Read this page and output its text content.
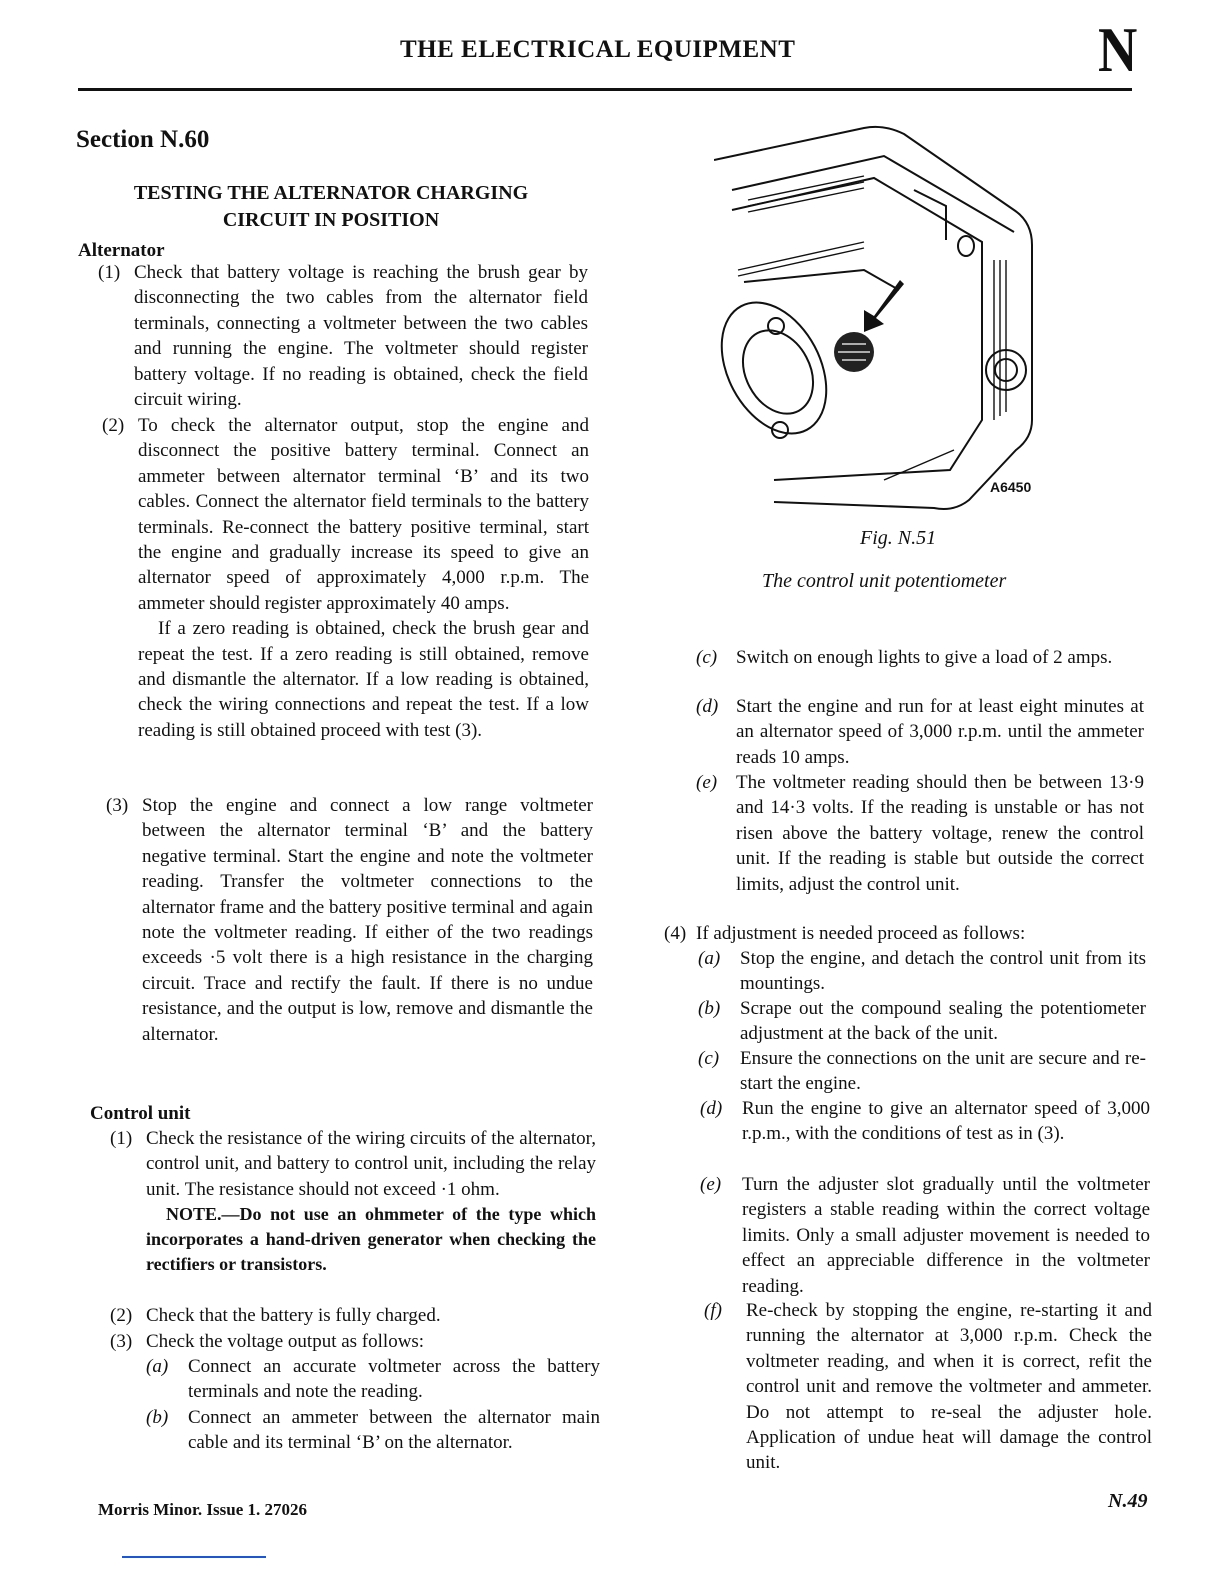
THE ELECTRICAL EQUIPMENT	N
Section N.60
TESTING THE ALTERNATOR CHARGING
CIRCUIT IN POSITION
Alternator
(1) Check that battery voltage is reaching the brush gear by disconnecting the two cables from the alternator field terminals, connecting a voltmeter between the two cables and running the engine. The voltmeter should register battery voltage. If no reading is obtained, check the field circuit wiring.

(2) To check the alternator output, stop the engine and disconnect the positive battery terminal. Connect an ammeter between alternator terminal ‘B’ and its two cables. Connect the alternator field terminals to the battery terminals. Re-connect the battery positive terminal, start the engine and gradually increase its speed to give an alternator speed of approximately 4,000 r.p.m. The ammeter should register approximately 40 amps.

If a zero reading is obtained, check the brush gear and repeat the test. If a zero reading is still obtained, remove and dismantle the alternator. If a low reading is obtained, check the wiring connections and repeat the test. If a low reading is still obtained proceed with test (3).

(3) Stop the engine and connect a low range voltmeter between the alternator terminal ‘B’ and the battery negative terminal. Start the engine and note the voltmeter reading. Transfer the voltmeter connections to the alternator frame and the battery positive terminal and again note the voltmeter reading. If either of the two readings exceeds ·5 volt there is a high resistance in the charging circuit. Trace and rectify the fault. If there is no undue resistance, and the output is low, remove and dismantle the alternator.

Control unit
(1) Check the resistance of the wiring circuits of the alternator, control unit, and battery to control unit, including the relay unit. The resistance should not exceed ·1 ohm.

NOTE.—Do not use an ohmmeter of the type which incorporates a hand-driven generator when checking the rectifiers or transistors.

(2) Check that the battery is fully charged.

(3) Check the voltage output as follows:

(a) Connect an accurate voltmeter across the battery terminals and note the reading.

(b) Connect an ammeter between the alternator main cable and its terminal ‘B’ on the alternator.

A6450
Fig. N.51
The control unit potentiometer
(c) Switch on enough lights to give a load of 2 amps.

(d) Start the engine and run for at least eight minutes at an alternator speed of 3,000 r.p.m. until the ammeter reads 10 amps.

(e) The voltmeter reading should then be between 13·9 and 14·3 volts. If the reading is unstable or has not risen above the battery voltage, renew the control unit. If the reading is stable but outside the correct limits, adjust the control unit.

(4) If adjustment is needed proceed as follows:

(a) Stop the engine, and detach the control unit from its mountings.

(b) Scrape out the compound sealing the potentiometer adjustment at the back of the unit.

(c) Ensure the connections on the unit are secure and re-start the engine.

(d) Run the engine to give an alternator speed of 3,000 r.p.m., with the conditions of test as in (3).

(e) Turn the adjuster slot gradually until the voltmeter registers a stable reading within the correct voltage limits. Only a small adjuster movement is needed to effect an appreciable difference in the voltmeter reading.

(f) Re-check by stopping the engine, re-starting it and running the alternator at 3,000 r.p.m. Check the voltmeter reading, and when it is correct, refit the control unit and remove the voltmeter and ammeter. Do not attempt to re-seal the adjuster hole. Application of undue heat will damage the control unit.

Morris Minor. Issue 1. 27026	N.49
